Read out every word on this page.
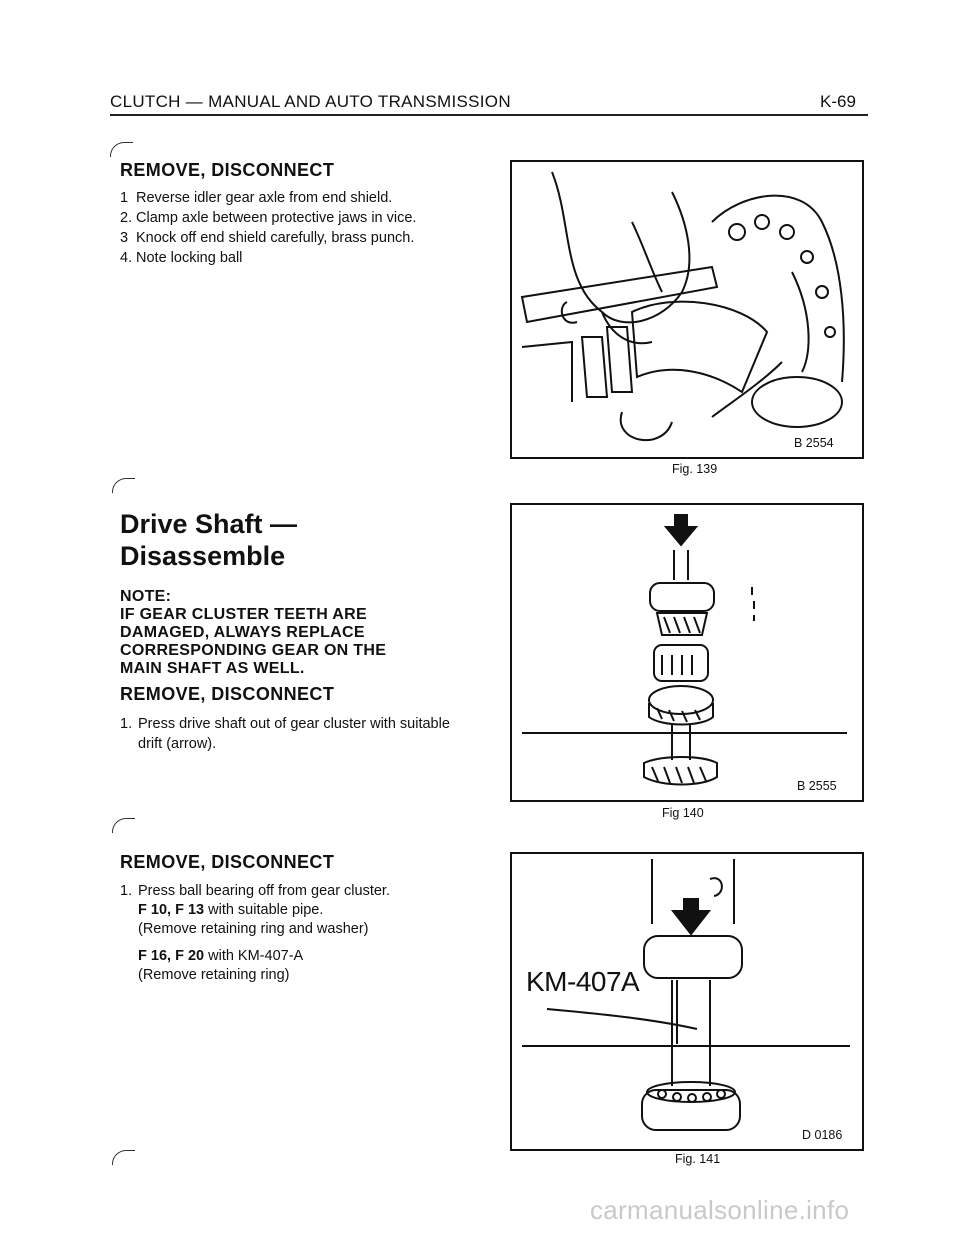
CLUTCH — MANUAL AND AUTO TRANSMISSION	K-69
REMOVE, DISCONNECT
1 Reverse idler gear axle from end shield.
2. Clamp axle between protective jaws in vice.
3 Knock off end shield carefully, brass punch.
4. Note locking ball
Drive Shaft —
Disassemble
NOTE:
IF GEAR CLUSTER TEETH ARE DAMAGED, ALWAYS REPLACE CORRESPONDING GEAR ON THE MAIN SHAFT AS WELL.
REMOVE, DISCONNECT
1. Press drive shaft out of gear cluster with suitable drift (arrow).
REMOVE, DISCONNECT
1. Press ball bearing off from gear cluster.
F 10, F 13 with suitable pipe.
(Remove retaining ring and washer)
F 16, F 20 with KM-407-A
(Remove retaining ring)
B 2554
Fig. 139
B 2555
Fig 140
KM-407A
D 0186
Fig. 141
carmanualsonline.info
